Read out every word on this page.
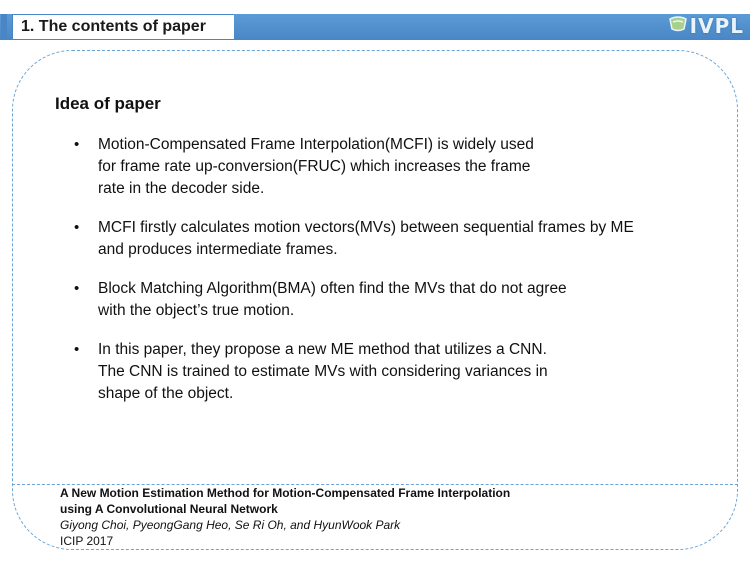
1. The contents of paper	IVPL
Idea of paper
• Motion-Compensated Frame Interpolation(MCFI) is widely used
for frame rate up-conversion(FRUC) which increases the frame
rate in the decoder side.
• MCFI firstly calculates motion vectors(MVs) between sequential frames by ME
and produces intermediate frames.
• Block Matching Algorithm(BMA) often find the MVs that do not agree
with the object’s true motion.
• In this paper, they propose a new ME method that utilizes a CNN.
The CNN is trained to estimate MVs with considering variances in
shape of the object.
A New Motion Estimation Method for Motion-Compensated Frame Interpolation
using A Convolutional Neural Network
Giyong Choi, PyeongGang Heo, Se Ri Oh, and HyunWook Park
ICIP 2017
